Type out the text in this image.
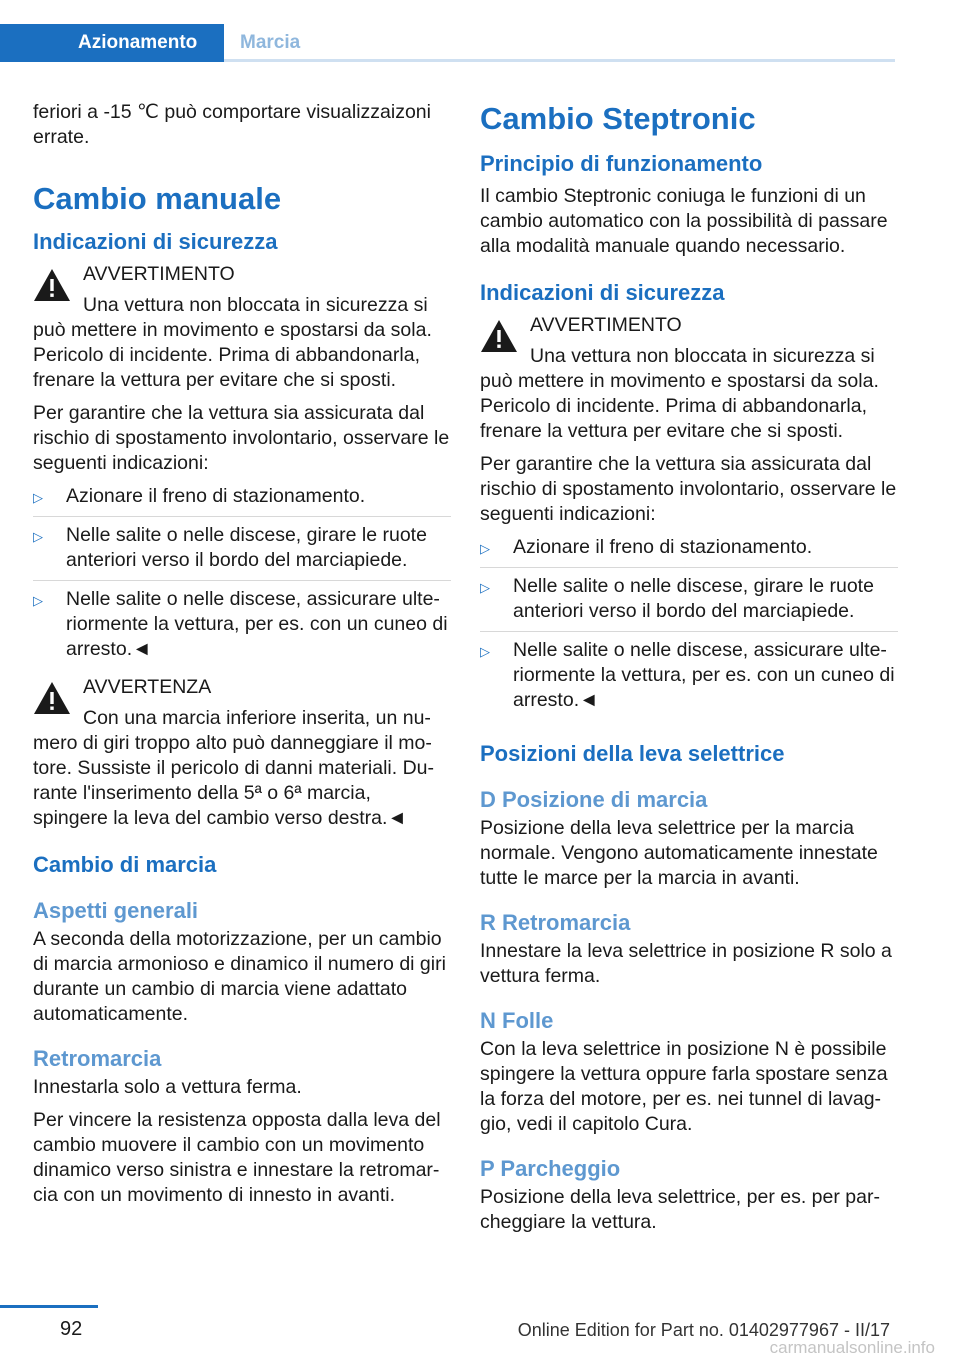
Azionamento	Marcia

feriori a -15 ℃ può comportare visualizzaizoni errate.

Cambio manuale
Indicazioni di sicurezza
AVVERTIMENTO
Una vettura non bloccata in sicurezza si può mettere in movimento e spostarsi da sola. Pericolo di incidente. Prima di abbandonarla, frenare la vettura per evitare che si sposti.

Per garantire che la vettura sia assicurata dal rischio di spostamento involontario, osservare le seguenti indicazioni:

▷ Azionare il freno di stazionamento.
▷ Nelle salite o nelle discese, girare le ruote anteriori verso il bordo del marciapiede.
▷ Nelle salite o nelle discese, assicurare ulte-riormente la vettura, per es. con un cuneo di arresto.◄
AVVERTENZA
Con una marcia inferiore inserita, un nu-mero di giri troppo alto può danneggiare il mo-tore. Sussiste il pericolo di danni materiali. Du-rante l'inserimento della 5ª o 6ª marcia, spingere la leva del cambio verso destra.◄
Cambio di marcia
Aspetti generali

A seconda della motorizzazione, per un cambio di marcia armonioso e dinamico il numero di giri durante un cambio di marcia viene adattato automaticamente.

Retromarcia

Innestarla solo a vettura ferma.

Per vincere la resistenza opposta dalla leva del cambio muovere il cambio con un movimento dinamico verso sinistra e innestare la retromar-cia con un movimento di innesto in avanti.

Cambio Steptronic
Principio di funzionamento

Il cambio Steptronic coniuga le funzioni di un cambio automatico con la possibilità di passare alla modalità manuale quando necessario.

Indicazioni di sicurezza
AVVERTIMENTO
Una vettura non bloccata in sicurezza si può mettere in movimento e spostarsi da sola. Pericolo di incidente. Prima di abbandonarla, frenare la vettura per evitare che si sposti.

Per garantire che la vettura sia assicurata dal rischio di spostamento involontario, osservare le seguenti indicazioni:

▷ Azionare il freno di stazionamento.
▷ Nelle salite o nelle discese, girare le ruote anteriori verso il bordo del marciapiede.
▷ Nelle salite o nelle discese, assicurare ulte-riormente la vettura, per es. con un cuneo di arresto.◄
Posizioni della leva selettrice
D Posizione di marcia

Posizione della leva selettrice per la marcia normale. Vengono automaticamente innestate tutte le marce per la marcia in avanti.

R Retromarcia

Innestare la leva selettrice in posizione R solo a vettura ferma.

N Folle

Con la leva selettrice in posizione N è possibile spingere la vettura oppure farla spostare senza la forza del motore, per es. nei tunnel di lavag-gio, vedi il capitolo Cura.

P Parcheggio

Posizione della leva selettrice, per es. per par-cheggiare la vettura.

92	Online Edition for Part no. 01402977967 - II/17
carmanualsonline.info
